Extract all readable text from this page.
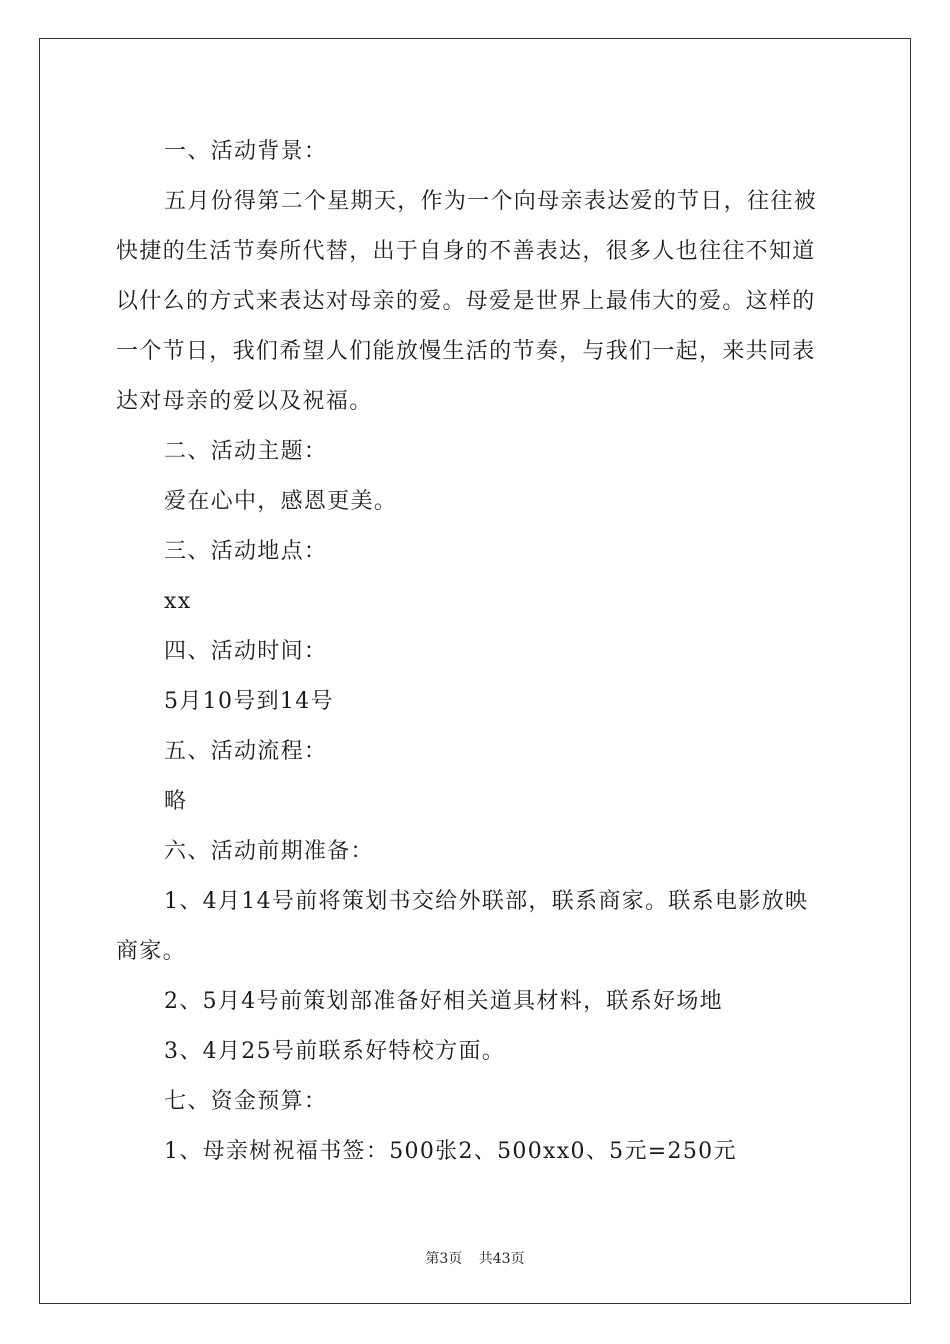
一、活动背景：
五月份得第二个星期天，作为一个向母亲表达爱的节日，往往被
快捷的生活节奏所代替，出于自身的不善表达，很多人也往往不知道
以什么的方式来表达对母亲的爱。母爱是世界上最伟大的爱。这样的
一个节日，我们希望人们能放慢生活的节奏，与我们一起，来共同表
达对母亲的爱以及祝福。
二、活动主题：
爱在心中，感恩更美。
三、活动地点：
xx
四、活动时间：
5月10号到14号
五、活动流程：
略
六、活动前期准备：
1、4月14号前将策划书交给外联部，联系商家。联系电影放映
商家。
2、5月4号前策划部准备好相关道具材料，联系好场地
3、4月25号前联系好特校方面。
七、资金预算：
1、母亲树祝福书签：500张2、500xx0、5元=250元
第3页 共43页
